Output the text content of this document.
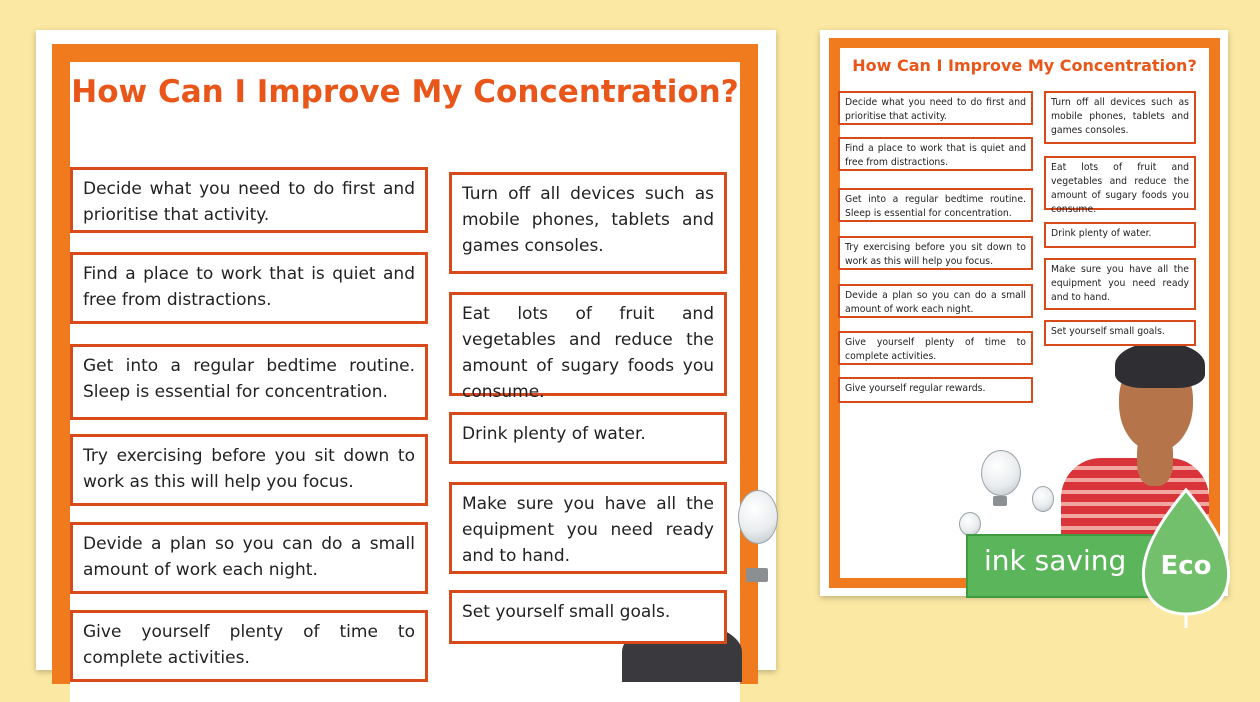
How Can I Improve My Concentration?
Decide what you need to do first and prioritise that activity.
Find a place to work that is quiet and free from distractions.
Get into a regular bedtime routine. Sleep is essential for concentration.
Try exercising before you sit down to work as this will help you focus.
Devide a plan so you can do a small amount of work each night.
Give yourself plenty of time to complete activities.
Turn off all devices such as mobile phones, tablets and games consoles.
Eat lots of fruit and vegetables and reduce the amount of sugary foods you consume.
Drink plenty of water.
Make sure you have all the equipment you need ready and to hand.
Set yourself small goals.
How Can I Improve My Concentration?
Decide what you need to do first and prioritise that activity.
Find a place to work that is quiet and free from distractions.
Get into a regular bedtime routine. Sleep is essential for concentration.
Try exercising before you sit down to work as this will help you focus.
Devide a plan so you can do a small amount of work each night.
Give yourself plenty of time to complete activities.
Give yourself regular rewards.
Turn off all devices such as mobile phones, tablets and games consoles.
Eat lots of fruit and vegetables and reduce the amount of sugary foods you consume.
Drink plenty of water.
Make sure you have all the equipment you need ready and to hand.
Set yourself small goals.
ink saving Eco
